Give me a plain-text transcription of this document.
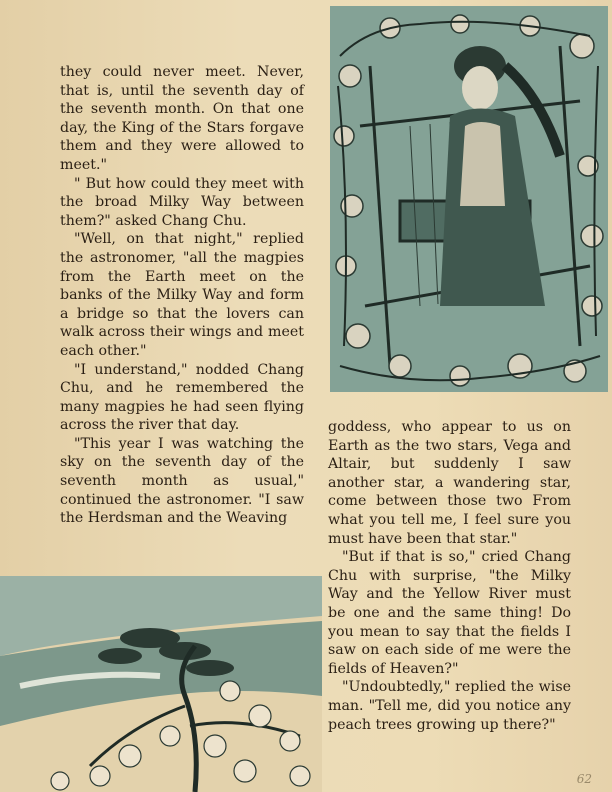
they could never meet. Never, that is, until the seventh day of the seventh month. On that one day, the King of the Stars forgave them and they were allowed to meet."

" But how could they meet with the broad Milky Way between them?" asked Chang Chu.

"Well, on that night," replied the astronomer, "all the magpies from the Earth meet on the banks of the Milky Way and form a bridge so that the lovers can walk across their wings and meet each other."

"I understand," nodded Chang Chu, and he remembered the many magpies he had seen flying across the river that day.

"This year I was watching the sky on the seventh day of the seventh month as usual," continued the astronomer. "I saw the Herdsman and the Weaving

goddess, who appear to us on Earth as the two stars, Vega and Altair, but suddenly I saw another star, a wandering star, come between those two From what you tell me, I feel sure you must have been that star."

"But if that is so," cried Chang Chu with surprise, "the Milky Way and the Yellow River must be one and the same thing! Do you mean to say that the fields I saw on each side of me were the fields of Heaven?"

"Undoubtedly," replied the wise man. "Tell me, did you notice any peach trees growing up there?"

62
